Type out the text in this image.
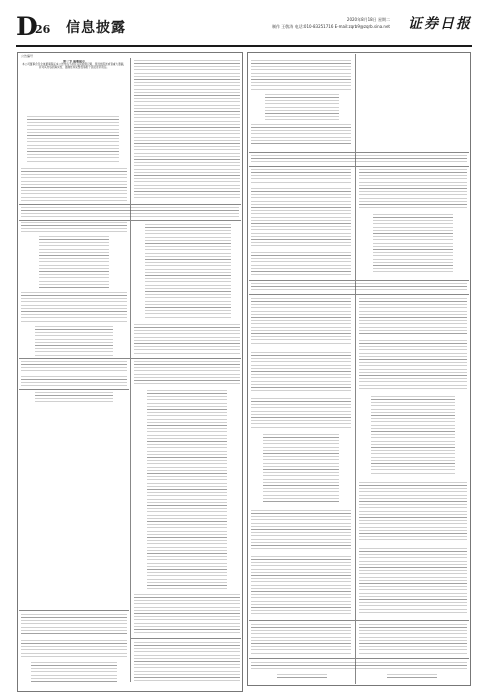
D
26 信息披露
2020年8月18日 星期二
制作 王敬涛 电话:010-83251716 E-mail:zqrb9@zqrb.sina.net 证券日报
公告编号
第一节 重要提示
本公司董事会及全体董事保证本公告内容不存在任何虚假记载、误导性陈述或者重大遗漏，并对其内容的真实性、准确性和完整性承担个别及连带责任。
